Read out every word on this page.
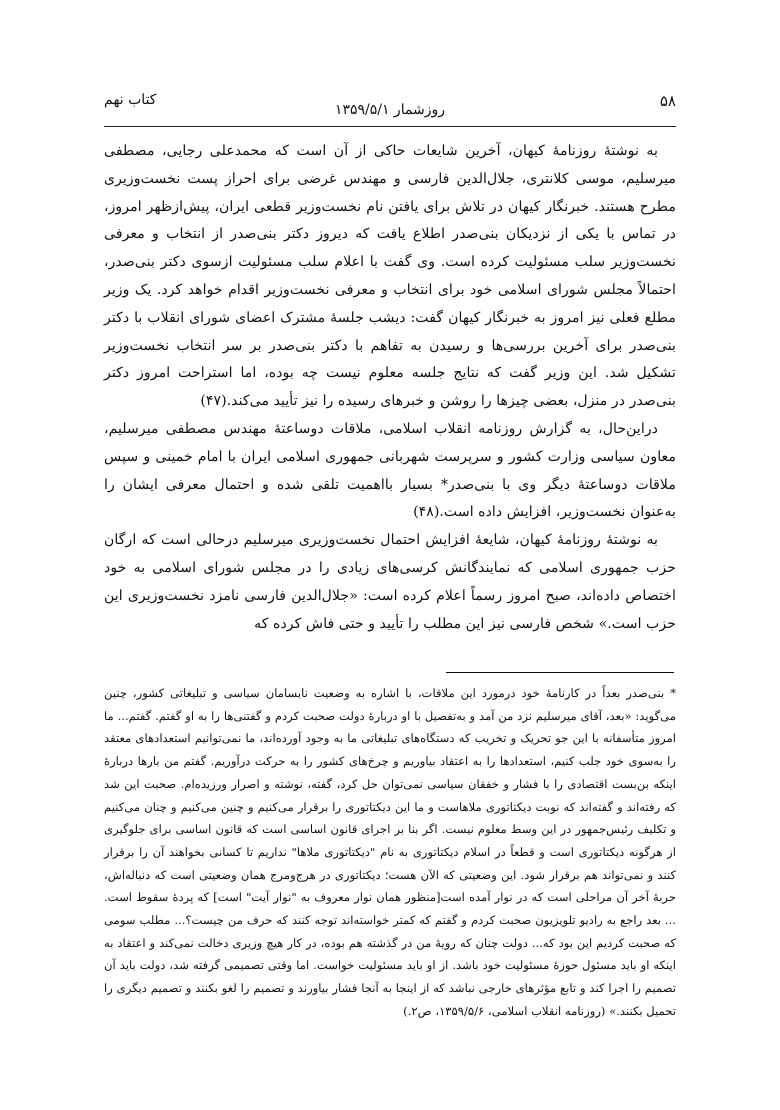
۵۸
روزشمار ۱۳۵۹/۵/۱
کتاب نهم

به نوشتهٔ روزنامهٔ کیهان، آخرین شایعات حاکی از آن است که محمدعلی رجایی، مصطفی میرسلیم، موسی کلانتری، جلال‌الدین فارسی و مهندس غرضی برای احراز پست نخست‌وزیری مطرح هستند. خبرنگار کیهان در تلاش برای یافتن نام نخست‌وزیر قطعی ایران، پیش‌ازظهر امروز، در تماس با یکی از نزدیکان بنی‌صدر اطلاع یافت که دیروز دکتر بنی‌صدر از انتخاب و معرفی نخست‌وزیر سلب مسئولیت کرده است. وی گفت با اعلام سلب مسئولیت ازسوی دکتر بنی‌صدر، احتمالاً مجلس شورای اسلامی خود برای انتخاب و معرفی نخست‌وزیر اقدام خواهد کرد. یک وزیر مطلع فعلی نیز امروز به خبرنگار کیهان گفت: دیشب جلسهٔ مشترک اعضای شورای انقلاب با دکتر بنی‌صدر برای آخرین بررسی‌ها و رسیدن به تفاهم با دکتر بنی‌صدر بر سر انتخاب نخست‌وزیر تشکیل شد. این وزیر گفت که نتایج جلسه معلوم نیست چه بوده، اما استراحت امروز دکتر بنی‌صدر در منزل، بعضی چیزها را روشن و خبرهای رسیده را نیز تأیید می‌کند.(۴۷)

دراین‌حال، به گزارش روزنامه انقلاب اسلامی، ملاقات دوساعتهٔ مهندس مصطفی میرسلیم، معاون سیاسی وزارت کشور و سرپرست شهربانی جمهوری اسلامی ایران با امام خمینی و سپس ملاقات دوساعتهٔ دیگر وی با بنی‌صدر* بسیار بااهمیت تلقی شده و احتمال معرفی ایشان را به‌عنوان نخست‌وزیر، افزایش داده است.(۴۸)

به نوشتهٔ روزنامهٔ کیهان، شایعهٔ افزایش احتمال نخست‌وزیری میرسلیم درحالی است که ارگان حزب جمهوری اسلامی که نمایندگانش کرسی‌های زیادی را در مجلس شورای اسلامی به خود اختصاص داده‌اند، صبح امروز رسماً اعلام کرده است: «جلال‌الدین فارسی نامزد نخست‌وزیری این حزب است.» شخص فارسی نیز این مطلب را تأیید و حتی فاش کرده که

* بنی‌صدر بعداً در کارنامهٔ خود درمورد این ملاقات، با اشاره به وضعیت نابسامان سیاسی و تبلیغاتی کشور، چنین می‌گوید: «بعد، آقای میرسلیم نزد من آمد و به‌تفصیل با او دربارهٔ دولت صحبت کردم و گفتنی‌ها را به او گفتم. گفتم... ما امروز متأسفانه با این جو تحریک و تخریب که دستگاه‌های تبلیغاتی ما به وجود آورده‌اند، ما نمی‌توانیم استعدادهای معتقد را به‌سوی خود جلب کنیم، استعدادها را به اعتقاد بیاوریم و چرخ‌های کشور را به حرکت درآوریم. گفتم من بارها دربارهٔ اینکه بن‌بست اقتصادی را با فشار و خفقان سیاسی نمی‌توان حل کرد، گفته، نوشته و اصرار ورزیده‌ام. صحبت این شد که رفته‌اند و گفته‌اند که نوبت دیکتاتوری ملاهاست و ما این دیکتاتوری را برقرار می‌کنیم و چنین می‌کنیم و چنان می‌کنیم و تکلیف رئیس‌جمهور در این وسط معلوم نیست. اگر بنا بر اجرای قانون اساسی است که قانون اساسی برای جلوگیری از هرگونه دیکتاتوری است و قطعاً در اسلام دیکتاتوری به نام "دیکتاتوری ملاها" نداریم تا کسانی بخواهند آن را برقرار کنند و نمی‌تواند هم برقرار شود. این وضعیتی که الآن هست؛ دیکتاتوری در هرج‌ومرج همان وضعیتی است که دنباله‌اش، حربهٔ آخر آن مراحلی است که در نوار آمده است[منظور همان نوار معروف به "نوار آیت" است] که پردهٔ سقوط است. ... بعد راجع به رادیو تلویزیون صحبت کردم و گفتم که کمتر خواسته‌اند توجه کنند که حرف من چیست؟... مطلب سومی که صحبت کردیم این بود که... دولت چنان که رویهٔ من در گذشته هم بوده، در کار هیچ وزیری دخالت نمی‌کند و اعتقاد به اینکه او باید مسئول حوزهٔ مسئولیت خود باشد. از او باید مسئولیت خواست. اما وقتی تصمیمی گرفته شد، دولت باید آن تصمیم را اجرا کند و تابع مؤثرهای خارجی نباشد که از اینجا به آنجا فشار بیاورند و تصمیم را لغو بکنند و تصمیم دیگری را تحمیل بکنند.» (روزنامه انقلاب اسلامی، ۱۳۵۹/۵/۶، ص۲.)
